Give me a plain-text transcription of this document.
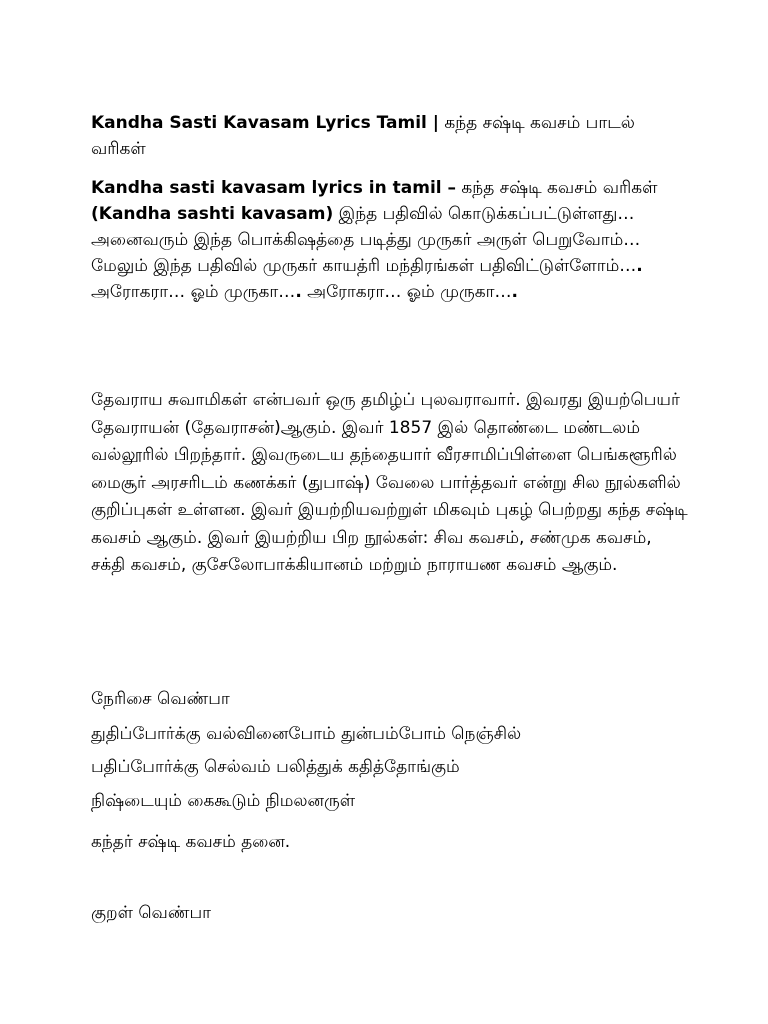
Kandha Sasti Kavasam Lyrics Tamil | கந்த சஷ்டி கவசம் பாடல் வரிகள்

Kandha sasti kavasam lyrics in tamil – கந்த சஷ்டி கவசம் வரிகள் (Kandha sashti kavasam) இந்த பதிவில் கொடுக்கப்பட்டுள்ளது… அனைவரும் இந்த பொக்கிஷத்தை படித்து முருகர் அருள் பெறுவோம்… மேலும் இந்த பதிவில் முருகர் காயத்ரி மந்திரங்கள் பதிவிட்டுள்ளோம்…. அரோகரா… ஓம் முருகா…. அரோகரா… ஓம் முருகா….

தேவராய சுவாமிகள் என்பவர் ஒரு தமிழ்ப் புலவராவார். இவரது இயற்பெயர் தேவராயன் (தேவராசன்)ஆகும். இவர் 1857 இல் தொண்டை மண்டலம் வல்லூரில் பிறந்தார். இவருடைய தந்தையார் வீரசாமிப்பிள்ளை பெங்களூரில் மைசூர் அரசரிடம் கணக்கர் (துபாஷ்) வேலை பார்த்தவர் என்று சில நூல்களில் குறிப்புகள் உள்ளன. இவர் இயற்றியவற்றுள் மிகவும் புகழ் பெற்றது கந்த சஷ்டி கவசம் ஆகும். இவர் இயற்றிய பிற நூல்கள்: சிவ கவசம், சண்முக கவசம், சக்தி கவசம், குசேலோபாக்கியானம் மற்றும் நாராயண கவசம் ஆகும்.

நேரிசை வெண்பா

துதிப்போர்க்கு வல்வினைபோம் துன்பம்போம் நெஞ்சில்

பதிப்போர்க்கு செல்வம் பலித்துக் கதித்தோங்கும்

நிஷ்டையும் கைகூடும் நிமலனருள்

கந்தர் சஷ்டி கவசம் தனை.

குறள் வெண்பா
